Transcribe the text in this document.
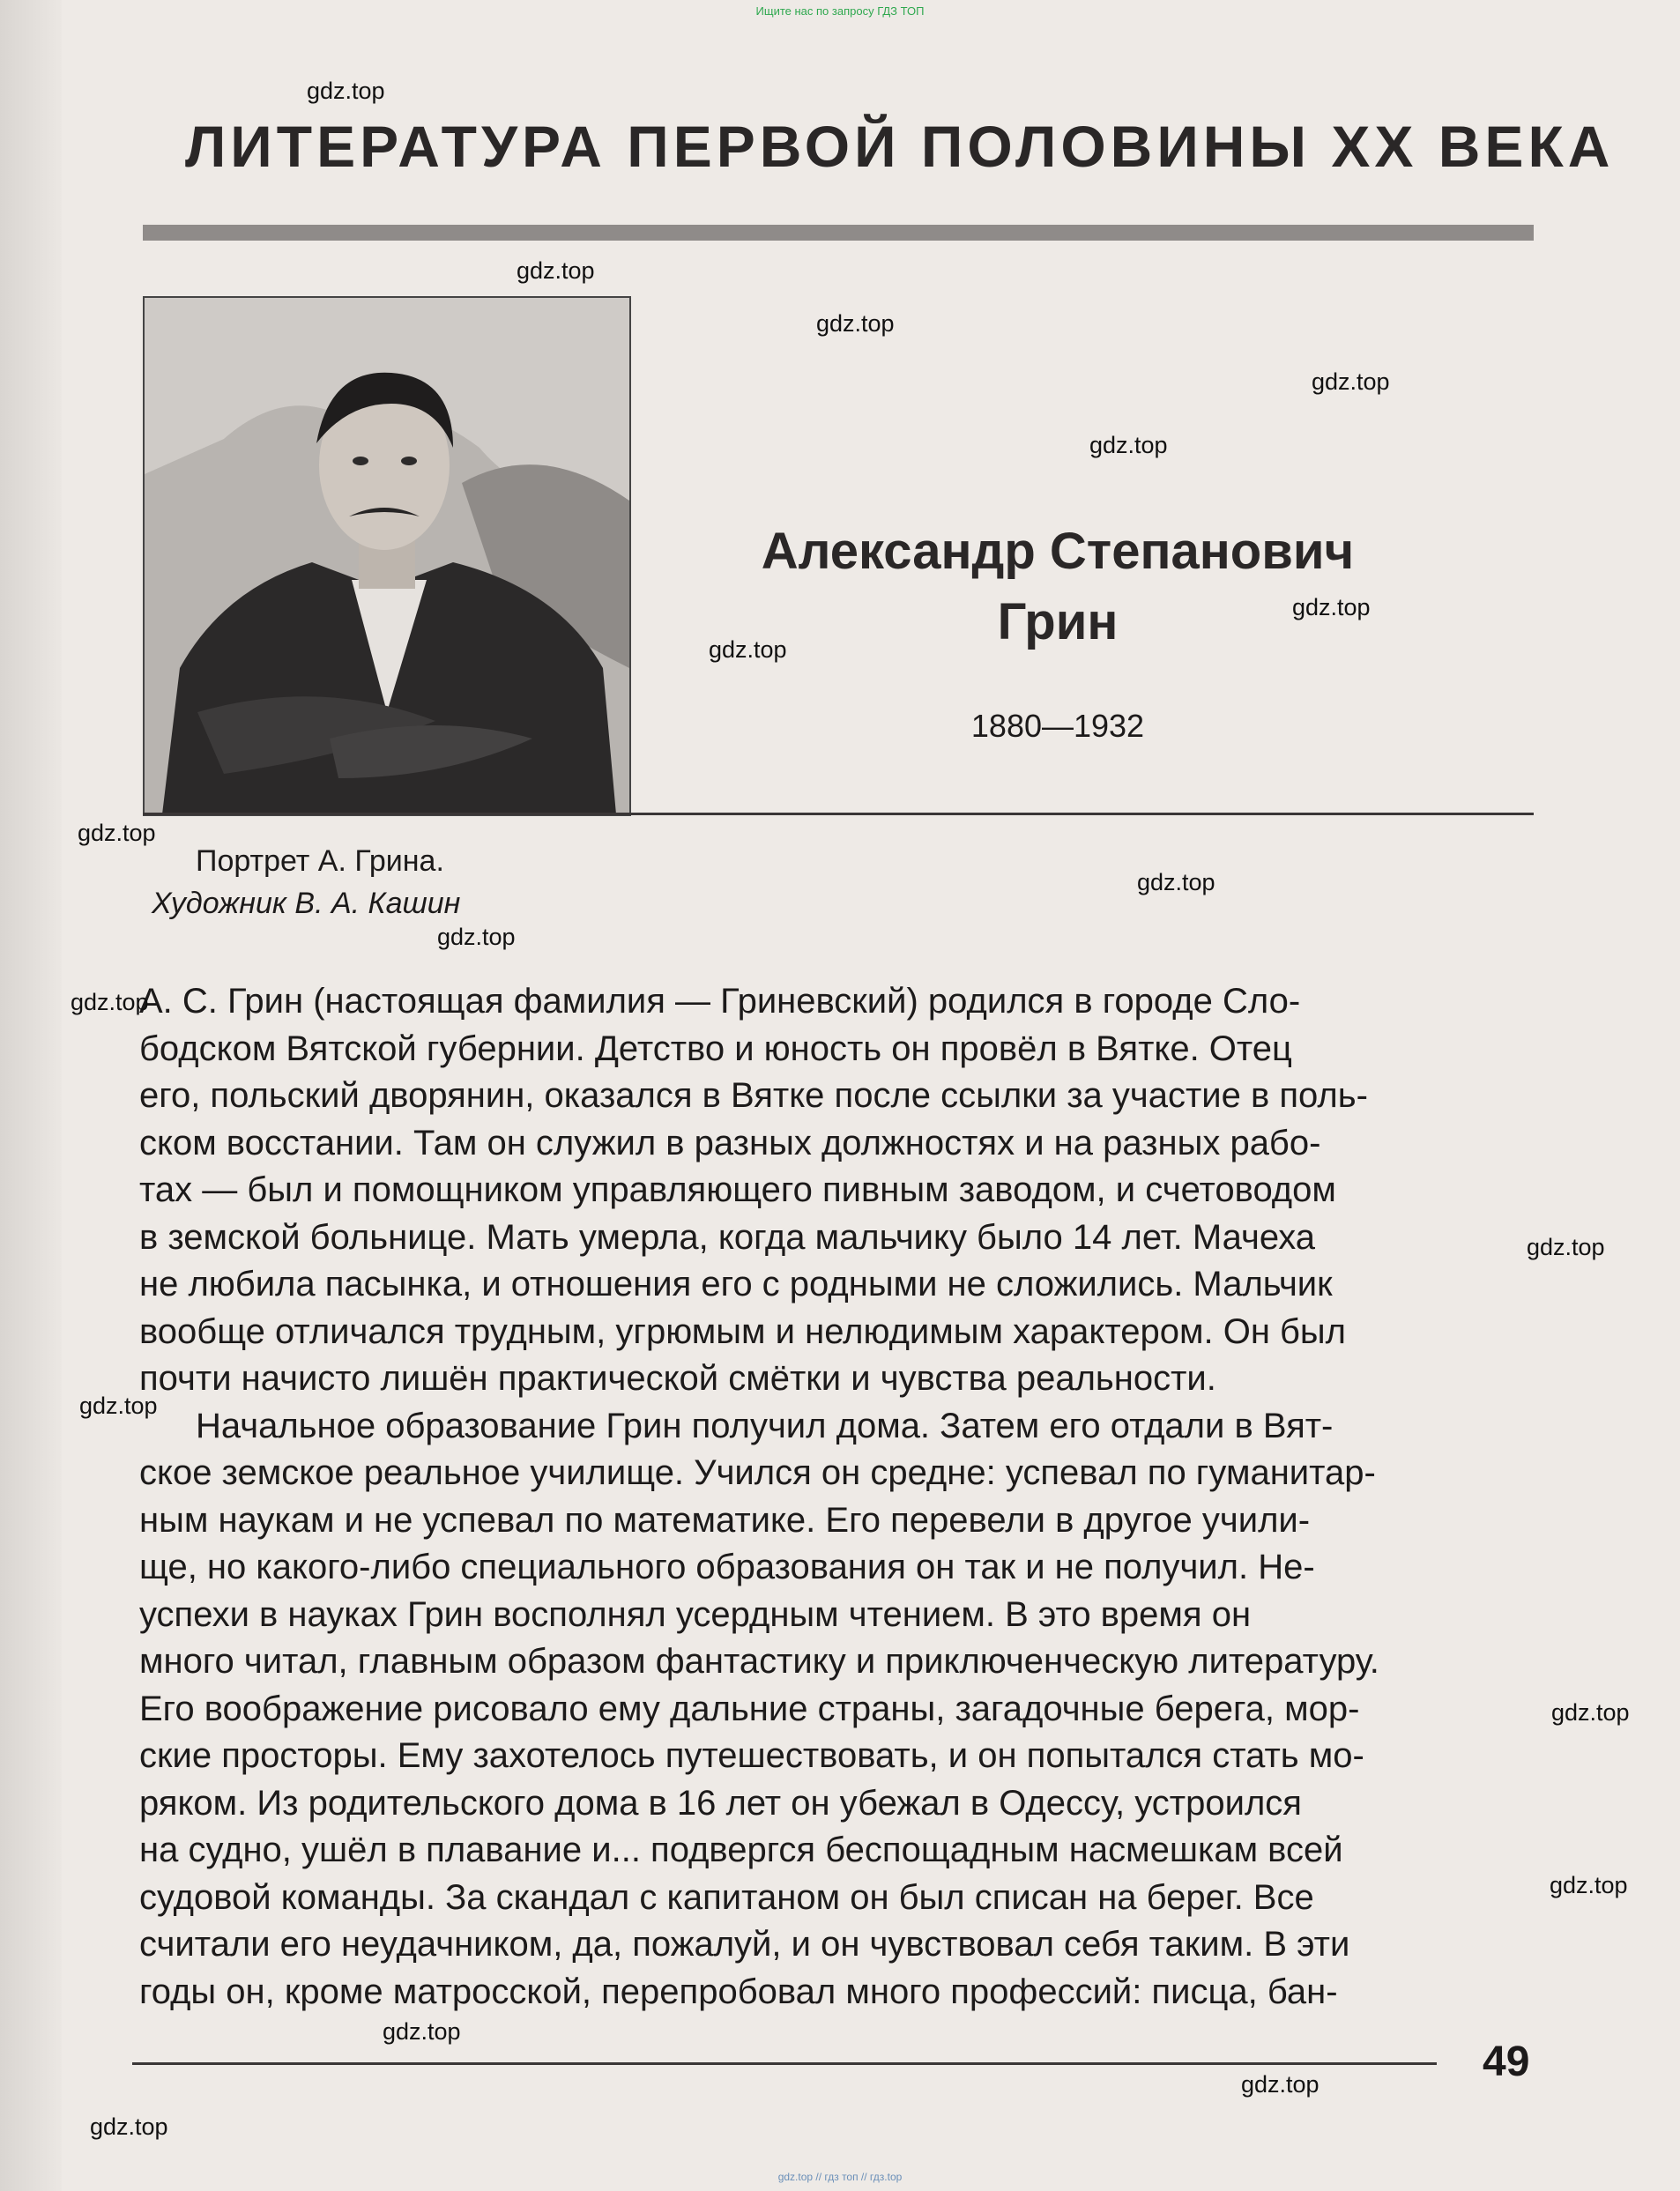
Ищите нас по запросу ГДЗ ТОП
ЛИТЕРАТУРА ПЕРВОЙ ПОЛОВИНЫ XX ВЕКА

Александр Степанович

Грин

1880—1932

Портрет А. Грина.

Художник В. А. Кашин

А. С. Грин (настоящая фамилия — Гриневский) родился в городе Сло-
бодском Вятской губернии. Детство и юность он провёл в Вятке. Отец
его, польский дворянин, оказался в Вятке после ссылки за участие в поль-
ском восстании. Там он служил в разных должностях и на разных рабо-
тах — был и помощником управляющего пивным заводом, и счетоводом
в земской больнице. Мать умерла, когда мальчику было 14 лет. Мачеха
не любила пасынка, и отношения его с родными не сложились. Мальчик
вообще отличался трудным, угрюмым и нелюдимым характером. Он был
почти начисто лишён практической смётки и чувства реальности.
Начальное образование Грин получил дома. Затем его отдали в Вят-
ское земское реальное училище. Учился он средне: успевал по гуманитар-
ным наукам и не успевал по математике. Его перевели в другое учили-
ще, но какого-либо специального образования он так и не получил. Не-
успехи в науках Грин восполнял усердным чтением. В это время он
много читал, главным образом фантастику и приключенческую литературу.
Его воображение рисовало ему дальние страны, загадочные берега, мор-
ские просторы. Ему захотелось путешествовать, и он попытался стать мо-
ряком. Из родительского дома в 16 лет он убежал в Одессу, устроился
на судно, ушёл в плавание и... подвергся беспощадным насмешкам всей
судовой команды. За скандал с капитаном он был списан на берег. Все
считали его неудачником, да, пожалуй, и он чувствовал себя таким. В эти
годы он, кроме матросской, перепробовал много профессий: писца, бан-

49

gdz.top // гдз топ // гдз.top
gdz.top
gdz.top
gdz.top
gdz.top
gdz.top
gdz.top
gdz.top
gdz.top
gdz.top
gdz.top
gdz.top
gdz.top
gdz.top
gdz.top
gdz.top
gdz.top
gdz.top
gdz.top
